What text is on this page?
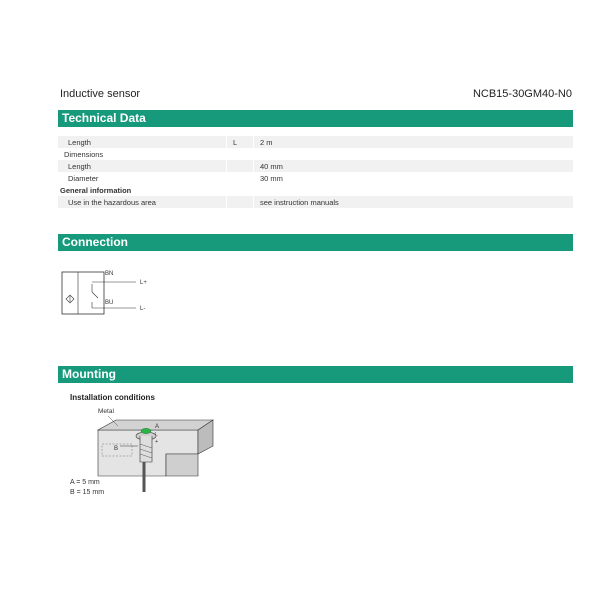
Inductive sensor	NCB15-30GM40-N0
Technical Data
Length	L	2 m
Dimensions		
Length		40 mm
Diameter		30 mm
General information		
Use in the hazardous area		see instruction manuals
Connection
BN
L+
BU
L-
Mounting
Installation conditions
Metal
A
L
+
B
A = 5 mm
B = 15 mm
